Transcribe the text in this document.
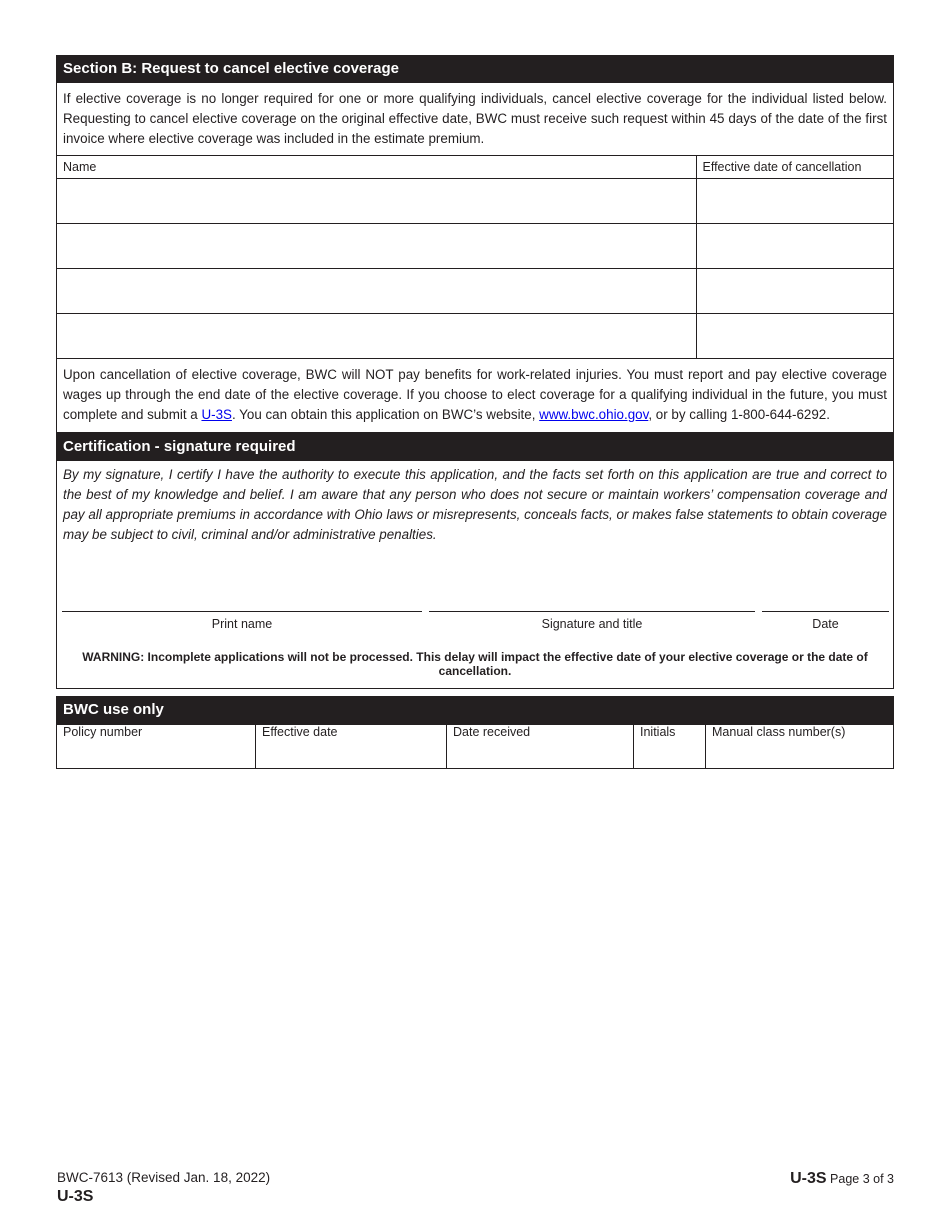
Section B: Request to cancel elective coverage
If elective coverage is no longer required for one or more qualifying individuals, cancel elective coverage for the individual listed below. Requesting to cancel elective coverage on the original effective date, BWC must receive such request within 45 days of the date of the first invoice where elective coverage was included in the estimate premium.
Name	Effective date of cancellation

Upon cancellation of elective coverage, BWC will NOT pay benefits for work-related injuries. You must report and pay elective coverage wages up through the end date of the elective coverage. If you choose to elect coverage for a qualifying individual in the future, you must complete and submit a U-3S. You can obtain this application on BWC’s website, www.bwc.ohio.gov, or by calling 1-800-644-6292.
Certification - signature required
By my signature, I certify I have the authority to execute this application, and the facts set forth on this application are true and correct to the best of my knowledge and belief. I am aware that any person who does not secure or maintain workers’ compensation coverage and pay all appropriate premiums in accordance with Ohio laws or misrepresents, conceals facts, or makes false statements to obtain coverage may be subject to civil, criminal and/or administrative penalties.
Print name	Signature and title	Date
WARNING: Incomplete applications will not be processed. This delay will impact the effective date of your elective coverage or the date of cancellation.
BWC use only
Policy number	Effective date	Date received	Initials	Manual class number(s)
BWC-7613 (Revised Jan. 18, 2022)
U-3S
U-3S Page 3 of 3
